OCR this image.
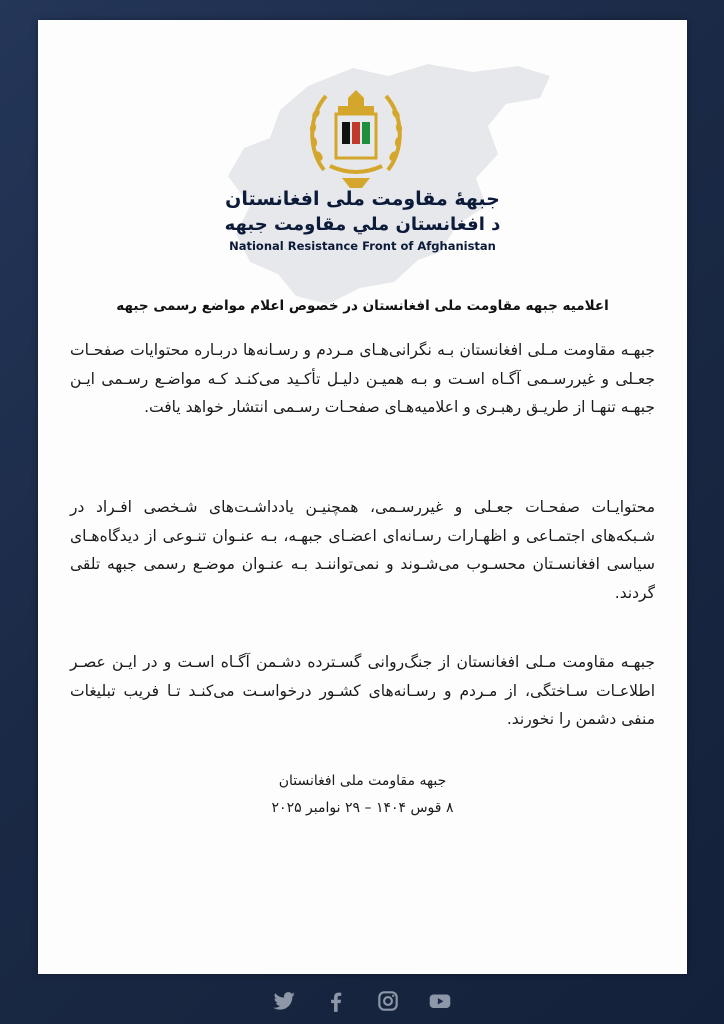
جبهۀ مقاومت ملی افغانستان

د افغانستان ملي مقاومت جبهه

National Resistance Front of Afghanistan

اعلامیه جبهه مقاومت ملی افغانستان در خصوص اعلام مواضع رسمی جبهه

جبهـه مقاومت مـلی افغانستان بـه نگرانی‌هـای مـردم و رسـانه‌ها دربـاره محتوایات صفحـات جعـلی و غیررسـمی آگـاه اسـت و بـه همیـن دلیـل تأکـید می‌کنـد کـه مواضـع رسـمی ایـن جبهـه تنهـا از طریـق رهبـری و اعلامیه‌هـای صفحـات رسـمی انتشار خواهد یافت.

محتوایـات صفحـات جعـلی و غیررسـمی، همچنیـن یادداشـت‌های شـخصی افـراد در شـبکه‌های اجتمـاعی و اظهـارات رسـانه‌ای اعضـای جبهـه، بـه عنـوان تنـوعی از دیدگاه‌هـای سیاسی افغانسـتان محسـوب می‌شـوند و نمی‌تواننـد بـه عنـوان موضـع رسمی جبهه تلقی گردند.

جبهـه مقاومت مـلی افغانستان از جنگ‌روانی گسـترده دشـمن آگـاه اسـت و در ایـن عصـر اطلاعـات سـاختگی، از مـردم و رسـانه‌های کشـور درخواسـت می‌کنـد تـا فریب تبلیغات منفی دشمن را نخورند.

جبهه مقاومت ملی افغانستان

۸ قوس ۱۴۰۴ – ۲۹ نوامبر ۲۰۲۵
